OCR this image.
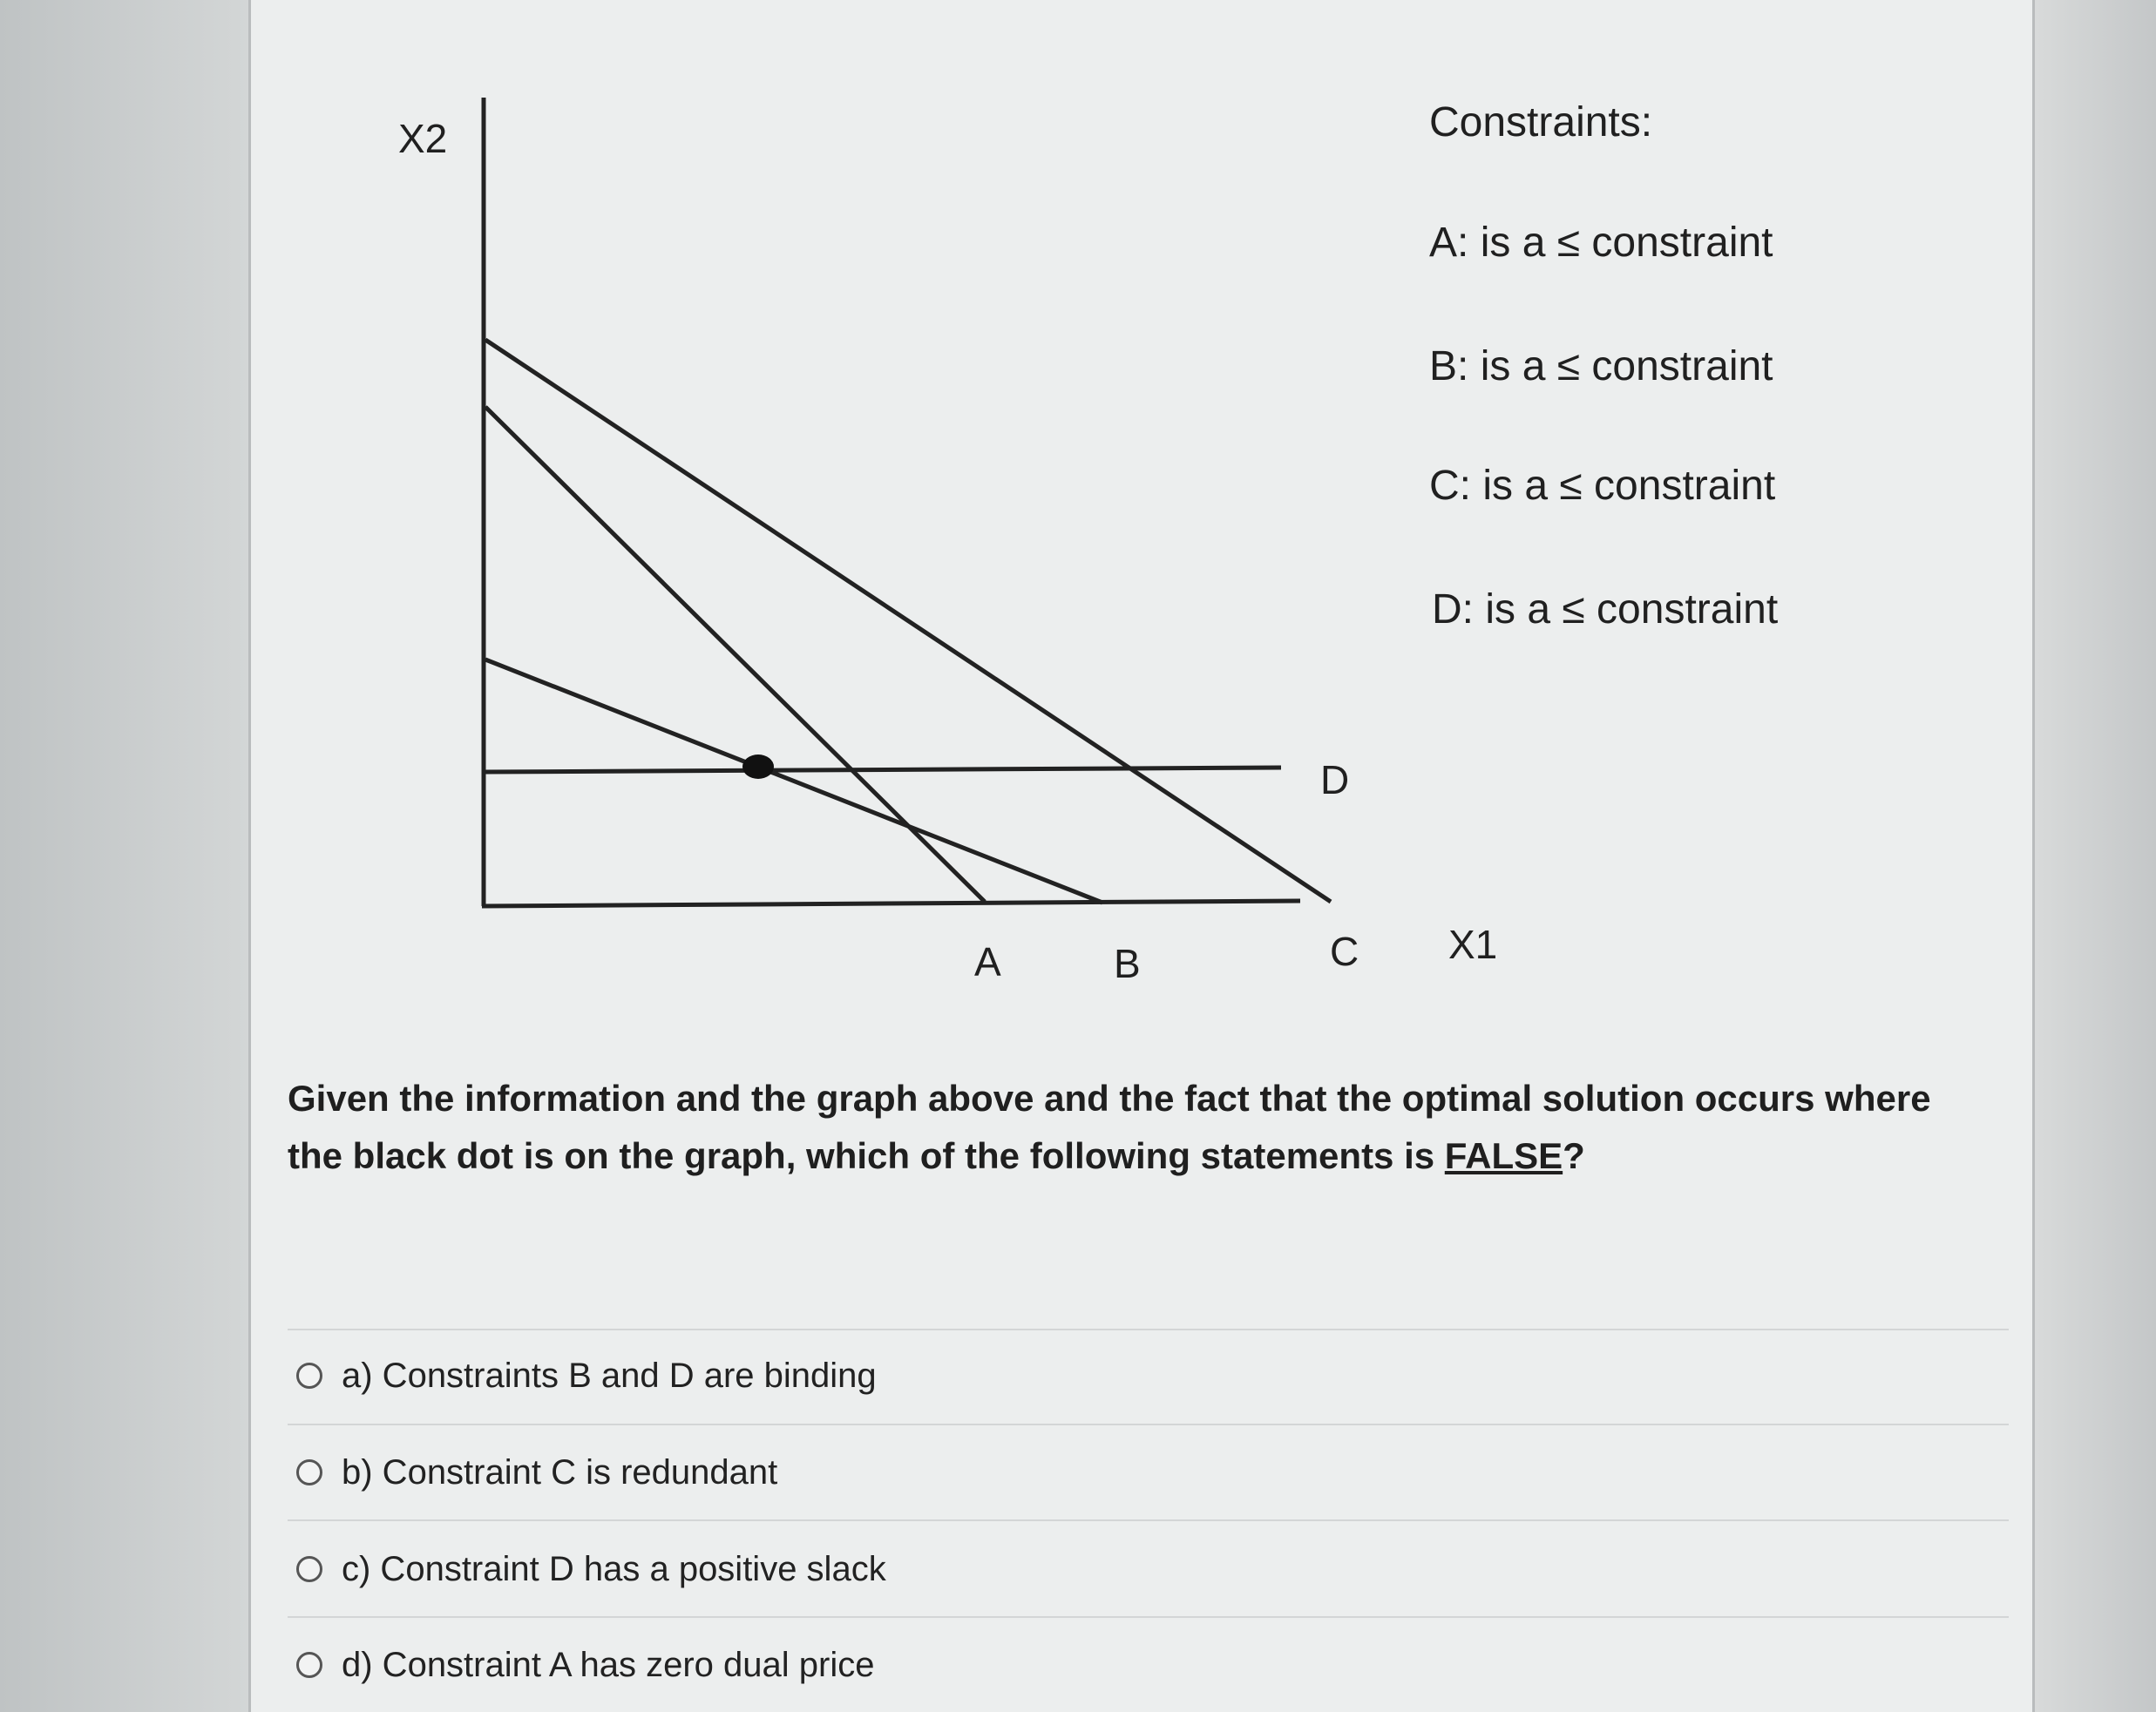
X2
X1
A	B	C
D
Constraints:
A: is a ≤ constraint
B: is a ≤ constraint
C: is a ≤ constraint
D: is a ≤ constraint
Given the information and the graph above and the fact that the optimal solution occurs where the black dot is on the graph, which of the following statements is FALSE?
a) Constraints B and D are binding
b) Constraint C is redundant
c) Constraint D has a positive slack
d) Constraint A has zero dual price
